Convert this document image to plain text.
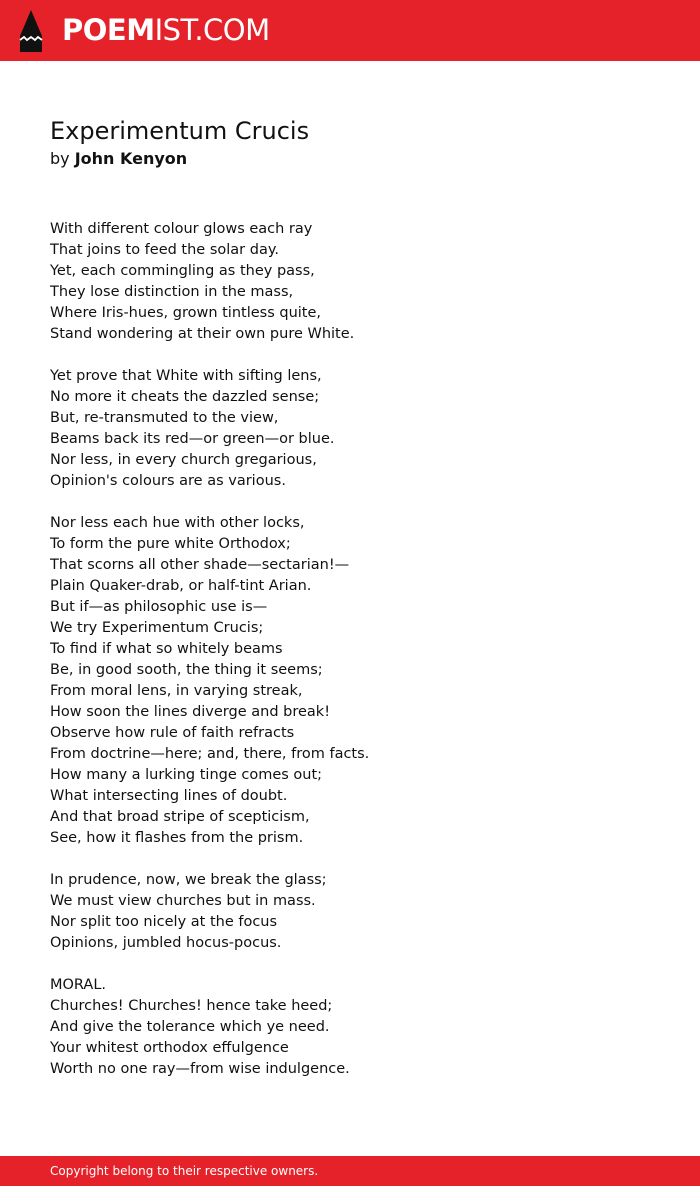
POEMIST.COM
Experimentum Crucis
by John Kenyon
With different colour glows each ray
That joins to feed the solar day.
Yet, each commingling as they pass,
They lose distinction in the mass,
Where Iris-hues, grown tintless quite,
Stand wondering at their own pure White.
Yet prove that White with sifting lens,
No more it cheats the dazzled sense;
But, re-transmuted to the view,
Beams back its red—or green—or blue.
Nor less, in every church gregarious,
Opinion's colours are as various.
Nor less each hue with other locks,
To form the pure white Orthodox;
That scorns all other shade—sectarian!—
Plain Quaker-drab, or half-tint Arian.
But if—as philosophic use is—
We try Experimentum Crucis;
To find if what so whitely beams
Be, in good sooth, the thing it seems;
From moral lens, in varying streak,
How soon the lines diverge and break!
Observe how rule of faith refracts
From doctrine—here; and, there, from facts.
How many a lurking tinge comes out;
What intersecting lines of doubt.
And that broad stripe of scepticism,
See, how it flashes from the prism.
In prudence, now, we break the glass;
We must view churches but in mass.
Nor split too nicely at the focus
Opinions, jumbled hocus-pocus.
MORAL.
Churches! Churches! hence take heed;
And give the tolerance which ye need.
Your whitest orthodox effulgence
Worth no one ray—from wise indulgence.
Copyright belong to their respective owners.
